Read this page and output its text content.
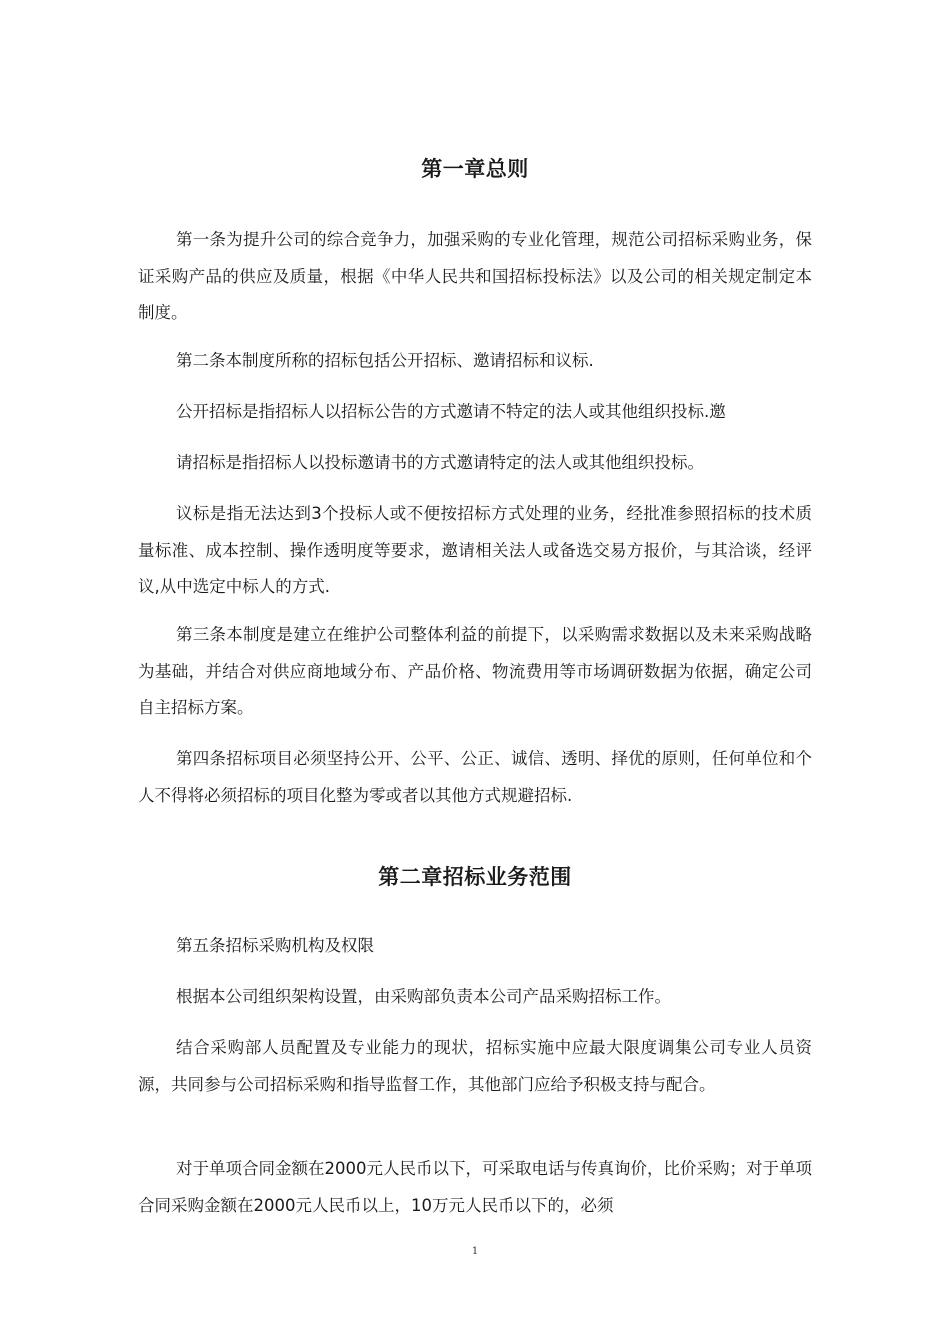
第一章总则
第一条为提升公司的综合竞争力，加强采购的专业化管理，规范公司招标采购业务，保证采购产品的供应及质量，根据《中华人民共和国招标投标法》以及公司的相关规定制定本制度。
第二条本制度所称的招标包括公开招标、邀请招标和议标.
公开招标是指招标人以招标公告的方式邀请不特定的法人或其他组织投标.邀
请招标是指招标人以投标邀请书的方式邀请特定的法人或其他组织投标。
议标是指无法达到3个投标人或不便按招标方式处理的业务，经批准参照招标的技术质量标准、成本控制、操作透明度等要求，邀请相关法人或备选交易方报价，与其洽谈，经评议,从中选定中标人的方式.
第三条本制度是建立在维护公司整体利益的前提下，以采购需求数据以及未来采购战略为基础，并结合对供应商地域分布、产品价格、物流费用等市场调研数据为依据，确定公司自主招标方案。
第四条招标项目必须坚持公开、公平、公正、诚信、透明、择优的原则，任何单位和个人不得将必须招标的项目化整为零或者以其他方式规避招标.
第二章招标业务范围
第五条招标采购机构及权限
根据本公司组织架构设置，由采购部负责本公司产品采购招标工作。
结合采购部人员配置及专业能力的现状，招标实施中应最大限度调集公司专业人员资源，共同参与公司招标采购和指导监督工作，其他部门应给予积极支持与配合。
对于单项合同金额在2000元人民币以下，可采取电话与传真询价，比价采购；对于单项合同采购金额在2000元人民币以上，10万元人民币以下的，必须
1
